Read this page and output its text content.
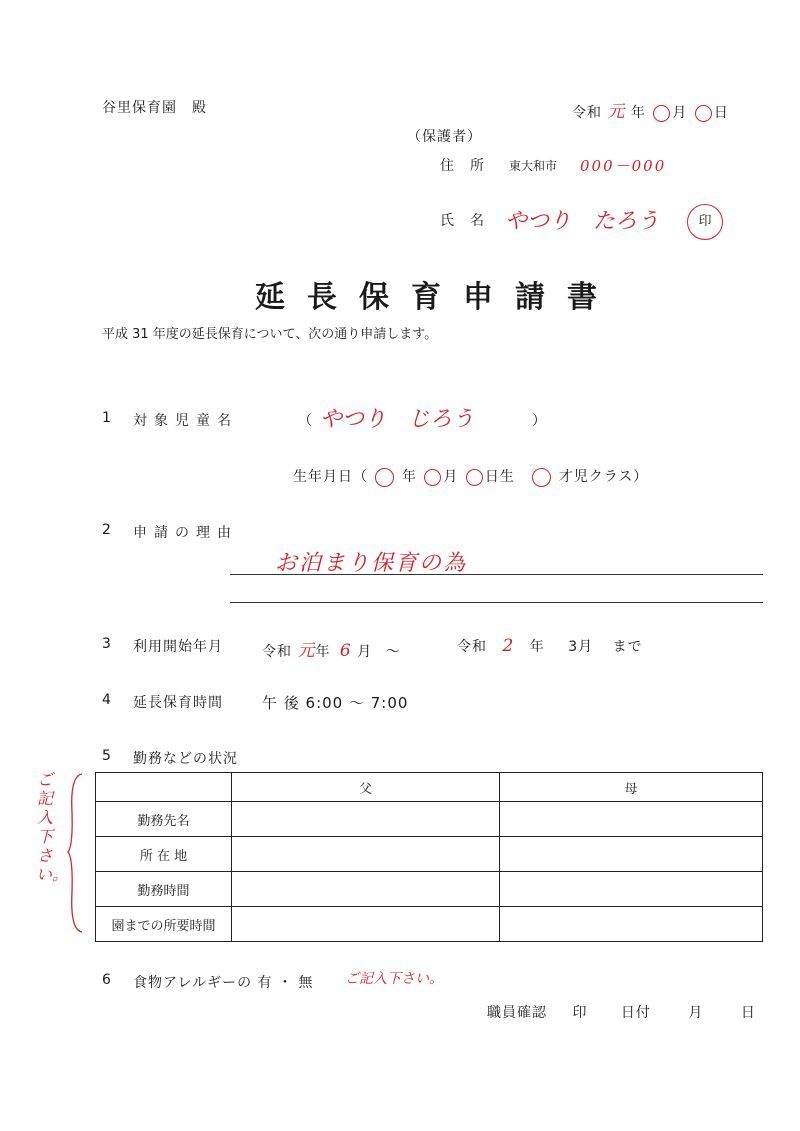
谷里保育園　殿	令和 元 年 月 日
（保護者）
住　所 東大和市 000－000
氏　名 やつり　たろう	印
延長保育申請書
平成 31 年度の延長保育について、次の通り申請します。
1 対象児童名	（ やつり　じろう	）
生年月日（ 年 月 日生	才児クラス）
2 申請の理由
お泊まり保育の為
3 利用開始年月	令和 元年 6 月 ～	令和 2 年 3月 まで
4 延長保育時間	午 後 6:00 ～ 7:00
5 勤務などの状況
ご記入下さい。
	父	母
勤務先名		
所 在 地		
勤務時間		
園までの所要時間		
6 食物アレルギーの 有 ・ 無 ご記入下さい。
職員確認 印 日付	月	日
